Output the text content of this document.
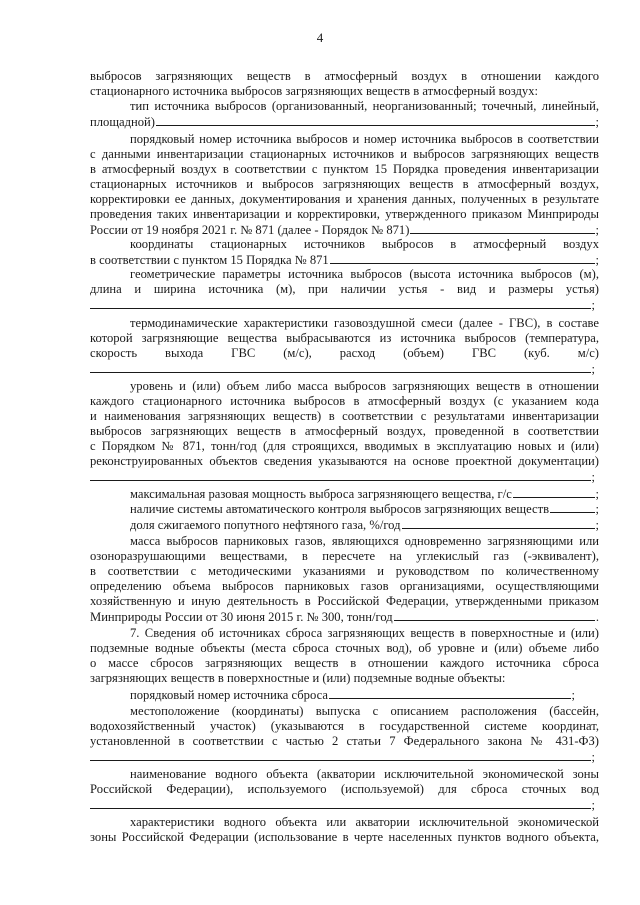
4
выбросов загрязняющих веществ в атмосферный воздух в отношении каждого
стационарного источника выбросов загрязняющих веществ в атмосферный воздух:
тип источника выбросов (организованный, неорганизованный; точечный, линейный,
площадной)	;
порядковый номер источника выбросов и номер источника выбросов в соответствии
с данными инвентаризации стационарных источников и выбросов загрязняющих веществ
в атмосферный воздух в соответствии с пунктом 15 Порядка проведения инвентаризации
стационарных источников и выбросов загрязняющих веществ в атмосферный воздух,
корректировки ее данных, документирования и хранения данных, полученных в результате
проведения таких инвентаризации и корректировки, утвержденного приказом Минприроды
России от 19 ноября 2021 г. № 871 (далее - Порядок № 871)	;
координаты стационарных источников выбросов в атмосферный воздух
в соответствии с пунктом 15 Порядка № 871	;
геометрические параметры источника выбросов (высота источника выбросов (м),
длина и ширина источника (м), при наличии устья - вид и размеры устья)
;
термодинамические характеристики газовоздушной смеси (далее - ГВС), в составе
которой загрязняющие вещества выбрасываются из источника выбросов (температура,
скорость выхода ГВС (м/с), расход (объем) ГВС (куб. м/с)
;
уровень и (или) объем либо масса выбросов загрязняющих веществ в отношении
каждого стационарного источника выбросов в атмосферный воздух (с указанием кода
и наименования загрязняющих веществ) в соответствии с результатами инвентаризации
выбросов загрязняющих веществ в атмосферный воздух, проведенной в соответствии
с Порядком № 871, тонн/год (для строящихся, вводимых в эксплуатацию новых и (или)
реконструированных объектов сведения указываются на основе проектной документации)
;
максимальная разовая мощность выброса загрязняющего вещества, г/с	;
наличие системы автоматического контроля выбросов загрязняющих веществ	;
доля сжигаемого попутного нефтяного газа, %/год	;
масса выбросов парниковых газов, являющихся одновременно загрязняющими или
озоноразрушающими веществами, в пересчете на углекислый газ (-эквивалент),
в соответствии с методическими указаниями и руководством по количественному
определению объема выбросов парниковых газов организациями, осуществляющими
хозяйственную и иную деятельность в Российской Федерации, утвержденными приказом
Минприроды России от 30 июня 2015 г. № 300, тонн/год	.
7. Сведения об источниках сброса загрязняющих веществ в поверхностные и (или)
подземные водные объекты (места сброса сточных вод), об уровне и (или) объеме либо
о массе сбросов загрязняющих веществ в отношении каждого источника сброса
загрязняющих веществ в поверхностные и (или) подземные водные объекты:
порядковый номер источника сброса	;
местоположение (координаты) выпуска с описанием расположения (бассейн,
водохозяйственный участок) (указываются в государственной системе координат,
установленной в соответствии с частью 2 статьи 7 Федерального закона № 431-ФЗ)
;
наименование водного объекта (акватории исключительной экономической зоны
Российской Федерации), используемого (используемой) для сброса сточных вод
;
характеристики водного объекта или акватории исключительной экономической
зоны Российской Федерации (использование в черте населенных пунктов водного объекта,
